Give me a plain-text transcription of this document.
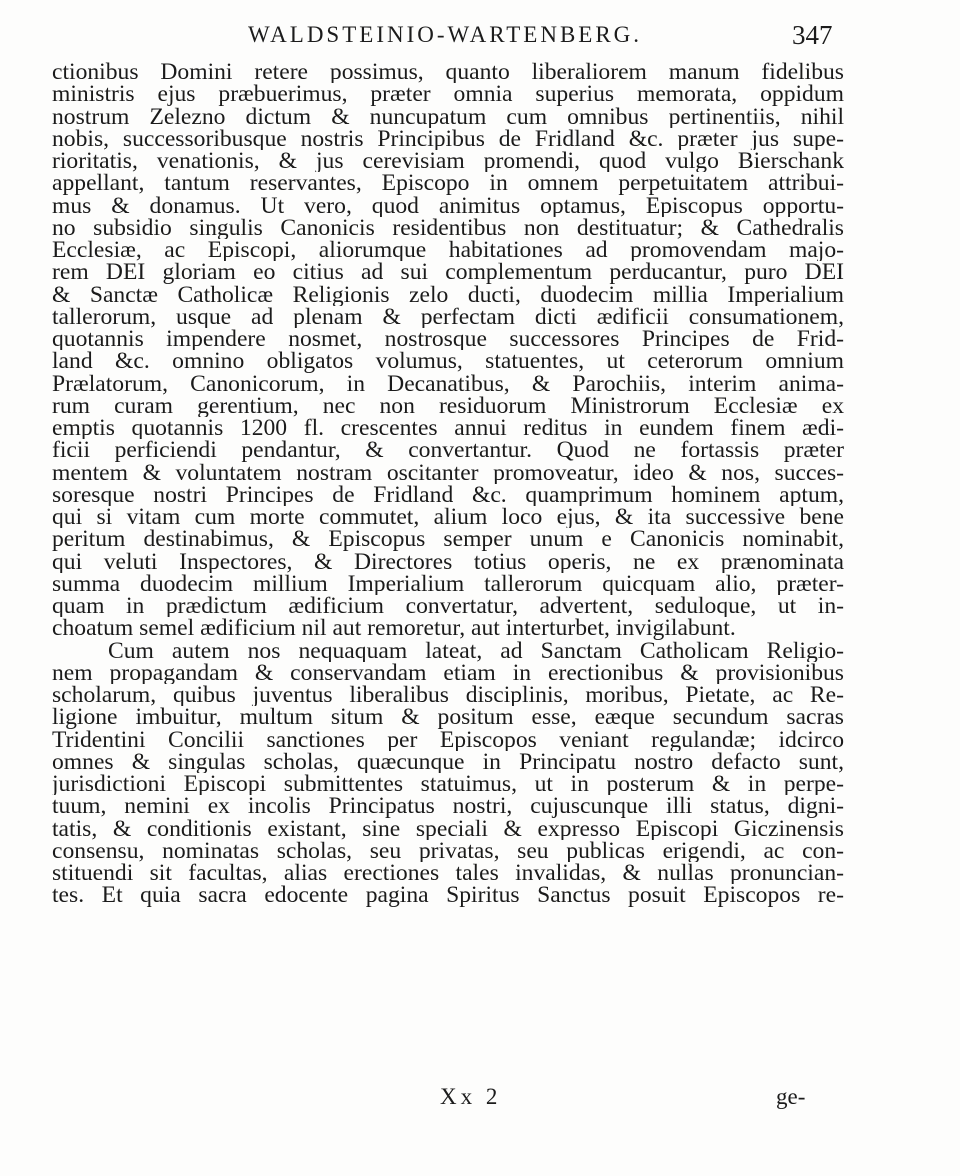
WALDSTEINIO-WARTENBERG.	347
ctionibus Domini retere possimus, quanto liberaliorem manum fidelibus
ministris ejus præbuerimus, præter omnia superius memorata, oppidum
nostrum Zelezno dictum & nuncupatum cum omnibus pertinentiis, nihil
nobis, successoribusque nostris Principibus de Fridland &c. præter jus supe-
rioritatis, venationis, & jus cerevisiam promendi, quod vulgo Bierschank
appellant, tantum reservantes, Episcopo in omnem perpetuitatem attribui-
mus & donamus. Ut vero, quod animitus optamus, Episcopus opportu-
no subsidio singulis Canonicis residentibus non destituatur; & Cathedralis
Ecclesiæ, ac Episcopi, aliorumque habitationes ad promovendam majo-
rem DEI gloriam eo citius ad sui complementum perducantur, puro DEI
& Sanctæ Catholicæ Religionis zelo ducti, duodecim millia Imperialium
tallerorum, usque ad plenam & perfectam dicti ædificii consumationem,
quotannis impendere nosmet, nostrosque successores Principes de Frid-
land &c. omnino obligatos volumus, statuentes, ut ceterorum omnium
Prælatorum, Canonicorum, in Decanatibus, & Parochiis, interim anima-
rum curam gerentium, nec non residuorum Ministrorum Ecclesiæ ex
emptis quotannis 1200 fl. crescentes annui reditus in eundem finem ædi-
ficii perficiendi pendantur, & convertantur. Quod ne fortassis præter
mentem & voluntatem nostram oscitanter promoveatur, ideo & nos, succes-
soresque nostri Principes de Fridland &c. quamprimum hominem aptum,
qui si vitam cum morte commutet, alium loco ejus, & ita successive bene
peritum destinabimus, & Episcopus semper unum e Canonicis nominabit,
qui veluti Inspectores, & Directores totius operis, ne ex prænominata
summa duodecim millium Imperialium tallerorum quicquam alio, præter-
quam in prædictum ædificium convertatur, advertent, seduloque, ut in-
choatum semel ædificium nil aut remoretur, aut interturbet, invigilabunt.
Cum autem nos nequaquam lateat, ad Sanctam Catholicam Religio-
nem propagandam & conservandam etiam in erectionibus & provisionibus
scholarum, quibus juventus liberalibus disciplinis, moribus, Pietate, ac Re-
ligione imbuitur, multum situm & positum esse, eæque secundum sacras
Tridentini Concilii sanctiones per Episcopos veniant regulandæ; idcirco
omnes & singulas scholas, quæcunque in Principatu nostro defacto sunt,
jurisdictioni Episcopi submittentes statuimus, ut in posterum & in perpe-
tuum, nemini ex incolis Principatus nostri, cujuscunque illi status, digni-
tatis, & conditionis existant, sine speciali & expresso Episcopi Giczinensis
consensu, nominatas scholas, seu privatas, seu publicas erigendi, ac con-
stituendi sit facultas, alias erectiones tales invalidas, & nullas pronuncian-
tes. Et quia sacra edocente pagina Spiritus Sanctus posuit Episcopos re-
Xx 2	ge-
